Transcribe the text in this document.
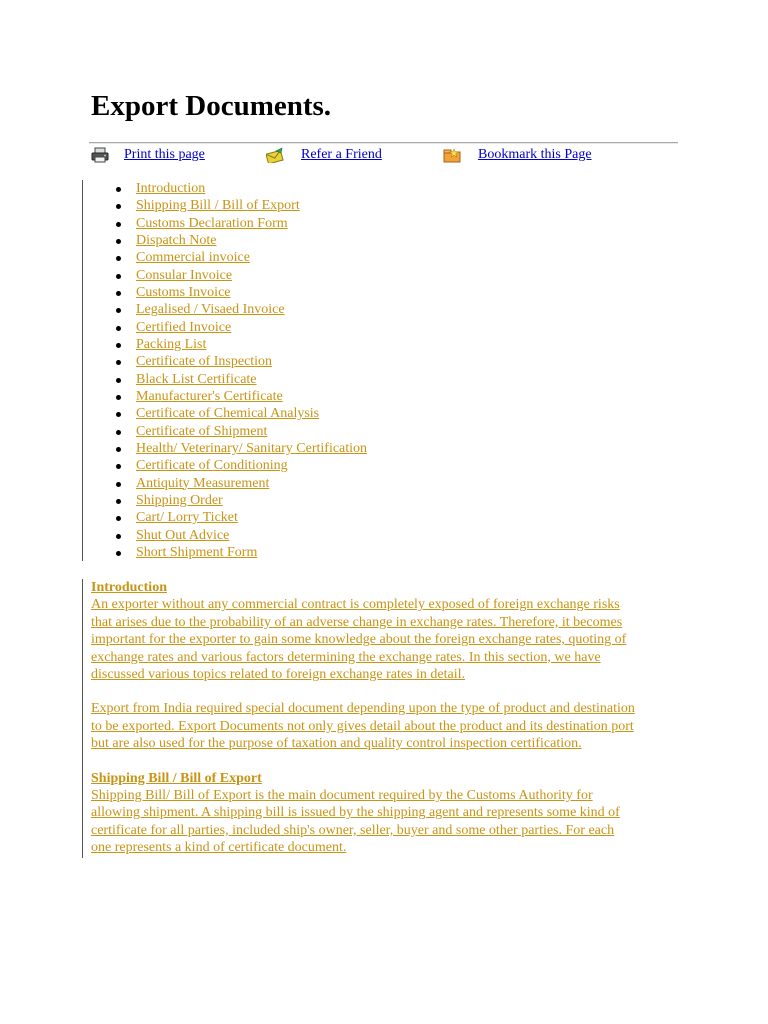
Export Documents.
Print this page	Refer a Friend	Bookmark this Page
Introduction
Shipping Bill / Bill of Export
Customs Declaration Form
Dispatch Note
Commercial invoice
Consular Invoice
Customs Invoice
Legalised / Visaed Invoice
Certified Invoice
Packing List
Certificate of Inspection
Black List Certificate
Manufacturer's Certificate
Certificate of Chemical Analysis
Certificate of Shipment
Health/ Veterinary/ Sanitary Certification
Certificate of Conditioning
Antiquity Measurement
Shipping Order
Cart/ Lorry Ticket
Shut Out Advice
Short Shipment Form
Introduction
An exporter without any commercial contract is completely exposed of foreign exchange risks
that arises due to the probability of an adverse change in exchange rates. Therefore, it becomes
important for the exporter to gain some knowledge about the foreign exchange rates, quoting of
exchange rates and various factors determining the exchange rates. In this section, we have
discussed various topics related to foreign exchange rates in detail.
Export from India required special document depending upon the type of product and destination
to be exported. Export Documents not only gives detail about the product and its destination port
but are also used for the purpose of taxation and quality control inspection certification.
Shipping Bill / Bill of Export
Shipping Bill/ Bill of Export is the main document required by the Customs Authority for
allowing shipment. A shipping bill is issued by the shipping agent and represents some kind of
certificate for all parties, included ship's owner, seller, buyer and some other parties. For each
one represents a kind of certificate document.
